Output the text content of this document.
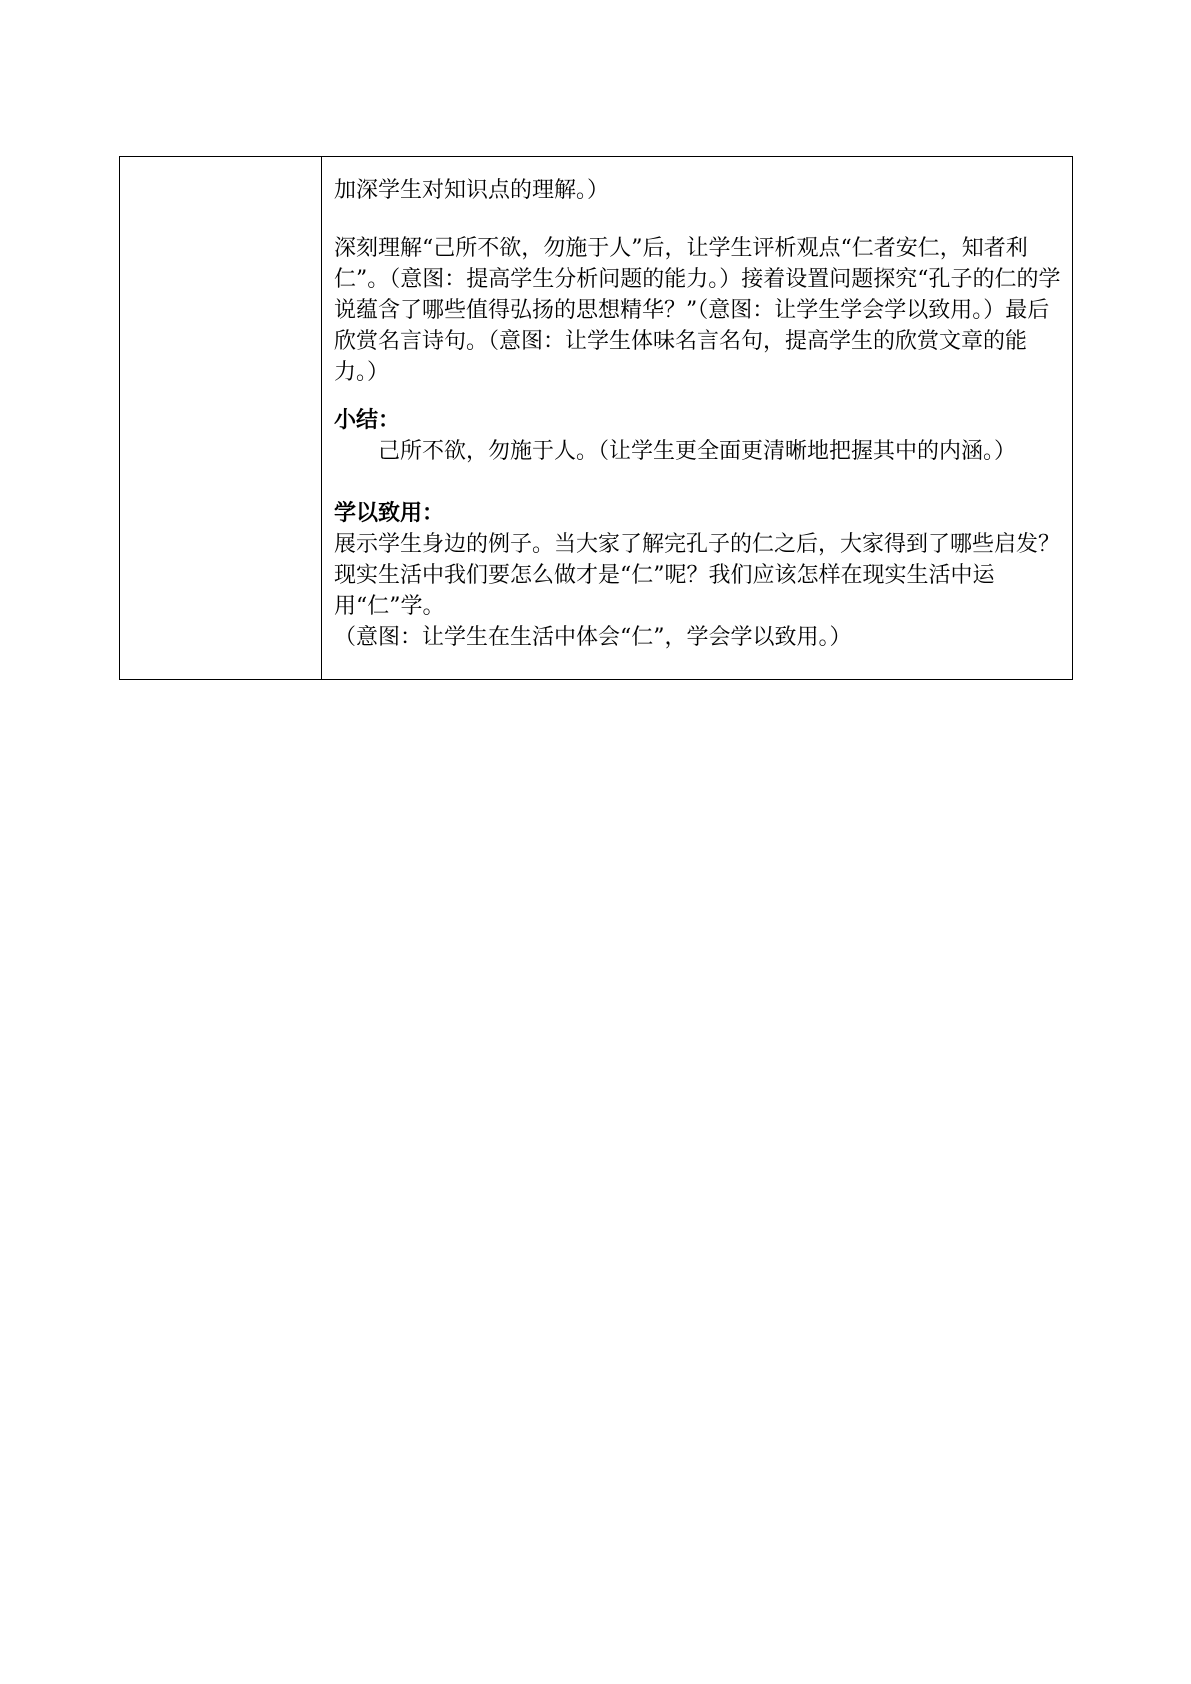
加深学生对知识点的理解。）

深刻理解“己所不欲，勿施于人”后，让学生评析观点“仁者安仁，知者利仁”。（意图：提高学生分析问题的能力。）接着设置问题探究“孔子的仁的学说蕴含了哪些值得弘扬的思想精华？”（意图：让学生学会学以致用。）最后欣赏名言诗句。（意图：让学生体味名言名句，提高学生的欣赏文章的能力。）

小结：

己所不欲，勿施于人。（让学生更全面更清晰地把握其中的内涵。）

学以致用：

展示学生身边的例子。当大家了解完孔子的仁之后，大家得到了哪些启发？现实生活中我们要怎么做才是“仁”呢？我们应该怎样在现实生活中运用“仁”学。

（意图：让学生在生活中体会“仁”，学会学以致用。）
